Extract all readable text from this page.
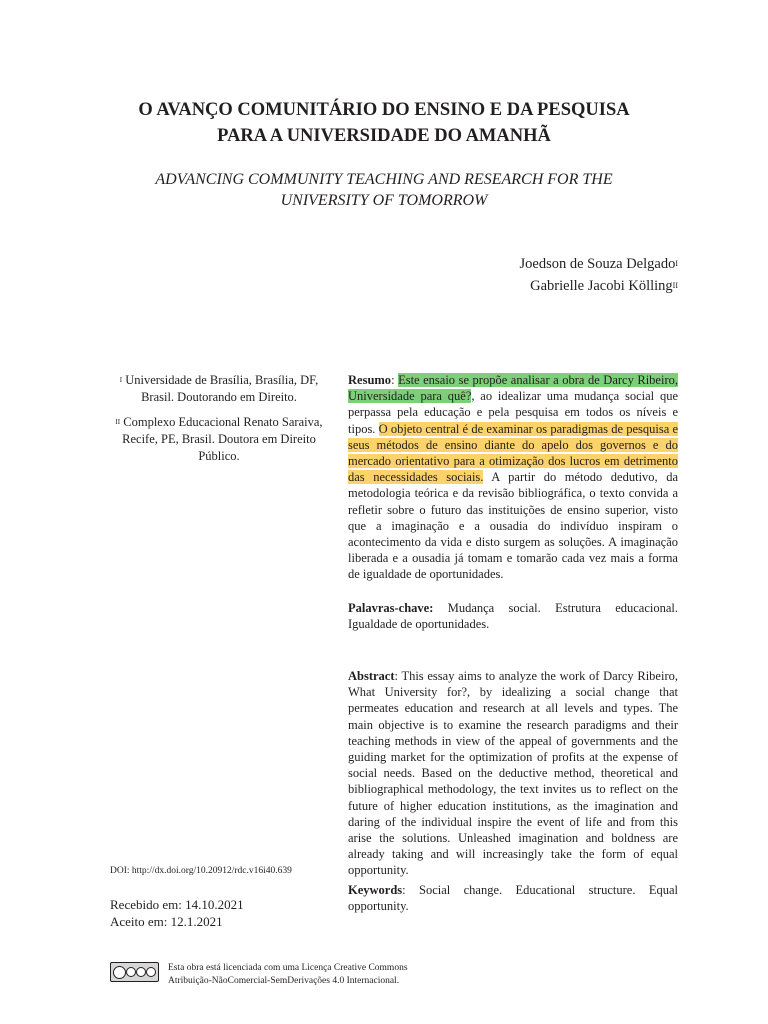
O AVANÇO COMUNITÁRIO DO ENSINO E DA PESQUISA
PARA A UNIVERSIDADE DO AMANHÃ
ADVANCING COMMUNITY TEACHING AND RESEARCH FOR THE
UNIVERSITY OF TOMORROW
Joedson de Souza Delgado$^I$
Gabrielle Jacobi Kölling$^{II}$

$^I$ Universidade de Brasília, Brasília, DF, Brasil. Doutorando em Direito.

$^{II}$ Complexo Educacional Renato Saraiva, Recife, PE, Brasil. Doutora em Direito Público.

Resumo: Este ensaio se propõe analisar a obra de Darcy Ribeiro, Universidade para quê?, ao idealizar uma mudança social que perpassa pela educação e pela pesquisa em todos os níveis e tipos. O objeto central é de examinar os paradigmas de pesquisa e seus métodos de ensino diante do apelo dos governos e do mercado orientativo para a otimização dos lucros em detrimento das necessidades sociais. A partir do método dedutivo, da metodologia teórica e da revisão bibliográfica, o texto convida a refletir sobre o futuro das instituições de ensino superior, visto que a imaginação e a ousadia do indivíduo inspiram o acontecimento da vida e disto surgem as soluções. A imaginação liberada e a ousadia já tomam e tomarão cada vez mais a forma de igualdade de oportunidades.
Palavras-chave: Mudança social. Estrutura educacional. Igualdade de oportunidades.
Abstract: This essay aims to analyze the work of Darcy Ribeiro, What University for?, by idealizing a social change that permeates education and research at all levels and types. The main objective is to examine the research paradigms and their teaching methods in view of the appeal of governments and the guiding market for the optimization of profits at the expense of social needs. Based on the deductive method, theoretical and bibliographical methodology, the text invites us to reflect on the future of higher education institutions, as the imagination and daring of the individual inspire the event of life and from this arise the solutions. Unleashed imagination and boldness are already taking and will increasingly take the form of equal opportunity.
Keywords: Social change. Educational structure. Equal opportunity.
DOI: http://dx.doi.org/10.20912/rdc.v16i40.639
Recebido em: 14.10.2021
Aceito em: 12.1.2021
Esta obra está licenciada com uma Licença Creative Commons
Atribuição-NãoComercial-SemDerivações 4.0 Internacional.
